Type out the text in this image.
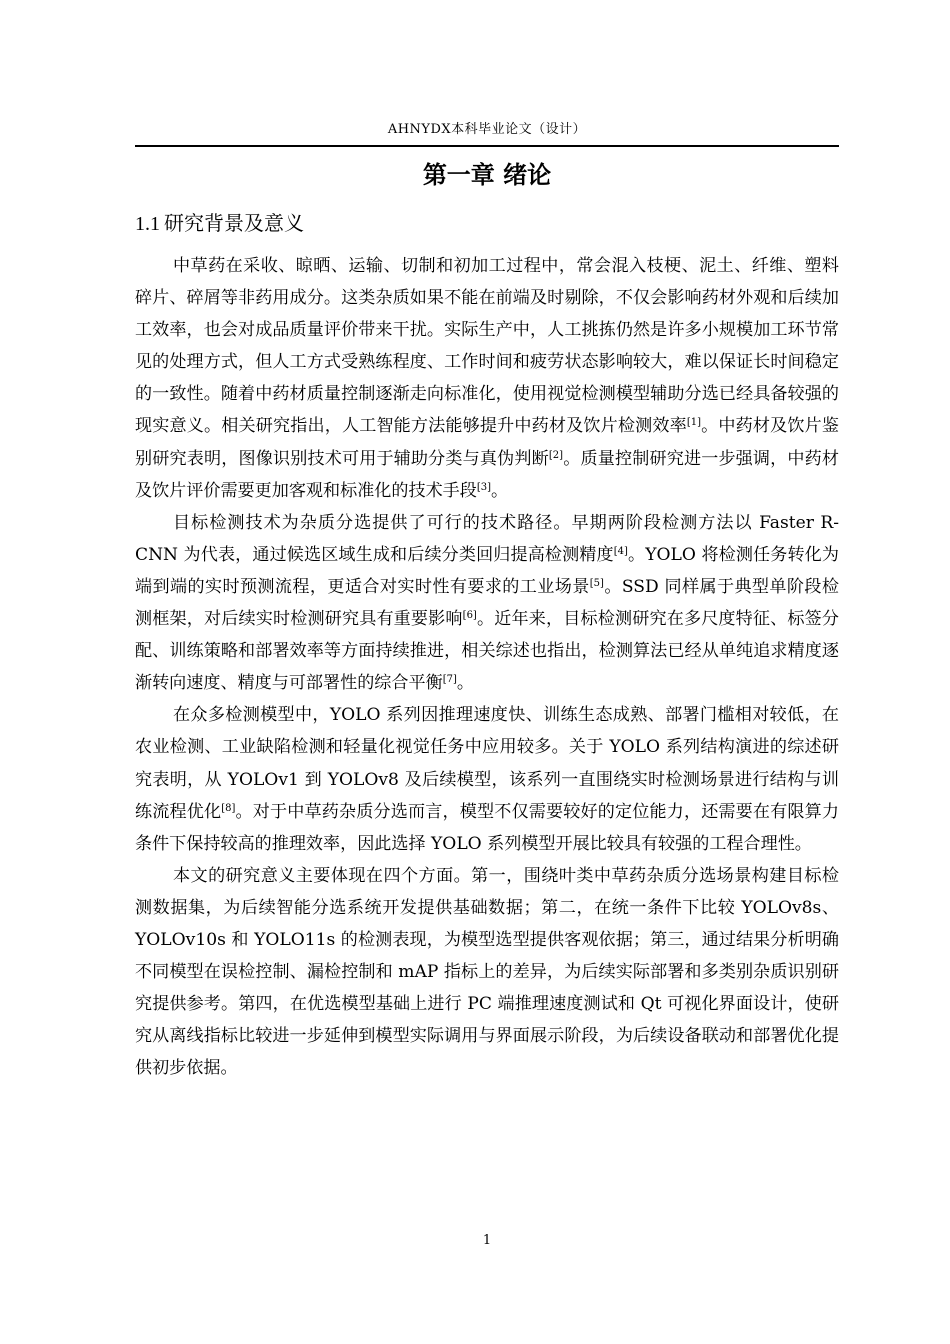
AHNYDX本科毕业论文（设计）
第一章 绪论
1.1 研究背景及意义

中草药在采收、晾晒、运输、切制和初加工过程中，常会混入枝梗、泥土、纤维、塑料碎片、碎屑等非药用成分。这类杂质如果不能在前端及时剔除，不仅会影响药材外观和后续加工效率，也会对成品质量评价带来干扰。实际生产中，人工挑拣仍然是许多小规模加工环节常见的处理方式，但人工方式受熟练程度、工作时间和疲劳状态影响较大，难以保证长时间稳定的一致性。随着中药材质量控制逐渐走向标准化，使用视觉检测模型辅助分选已经具备较强的现实意义。相关研究指出，人工智能方法能够提升中药材及饮片检测效率[1]。中药材及饮片鉴别研究表明，图像识别技术可用于辅助分类与真伪判断[2]。质量控制研究进一步强调，中药材及饮片评价需要更加客观和标准化的技术手段[3]。

目标检测技术为杂质分选提供了可行的技术路径。早期两阶段检测方法以 Faster R-CNN 为代表，通过候选区域生成和后续分类回归提高检测精度[4]。YOLO 将检测任务转化为端到端的实时预测流程，更适合对实时性有要求的工业场景[5]。SSD 同样属于典型单阶段检测框架，对后续实时检测研究具有重要影响[6]。近年来，目标检测研究在多尺度特征、标签分配、训练策略和部署效率等方面持续推进，相关综述也指出，检测算法已经从单纯追求精度逐渐转向速度、精度与可部署性的综合平衡[7]。

在众多检测模型中，YOLO 系列因推理速度快、训练生态成熟、部署门槛相对较低，在农业检测、工业缺陷检测和轻量化视觉任务中应用较多。关于 YOLO 系列结构演进的综述研究表明，从 YOLOv1 到 YOLOv8 及后续模型，该系列一直围绕实时检测场景进行结构与训练流程优化[8]。对于中草药杂质分选而言，模型不仅需要较好的定位能力，还需要在有限算力条件下保持较高的推理效率，因此选择 YOLO 系列模型开展比较具有较强的工程合理性。

本文的研究意义主要体现在四个方面。第一，围绕叶类中草药杂质分选场景构建目标检测数据集，为后续智能分选系统开发提供基础数据；第二，在统一条件下比较 YOLOv8s、YOLOv10s 和 YOLO11s 的检测表现，为模型选型提供客观依据；第三，通过结果分析明确不同模型在误检控制、漏检控制和 mAP 指标上的差异，为后续实际部署和多类别杂质识别研究提供参考。第四，在优选模型基础上进行 PC 端推理速度测试和 Qt 可视化界面设计，使研究从离线指标比较进一步延伸到模型实际调用与界面展示阶段，为后续设备联动和部署优化提供初步依据。

1
